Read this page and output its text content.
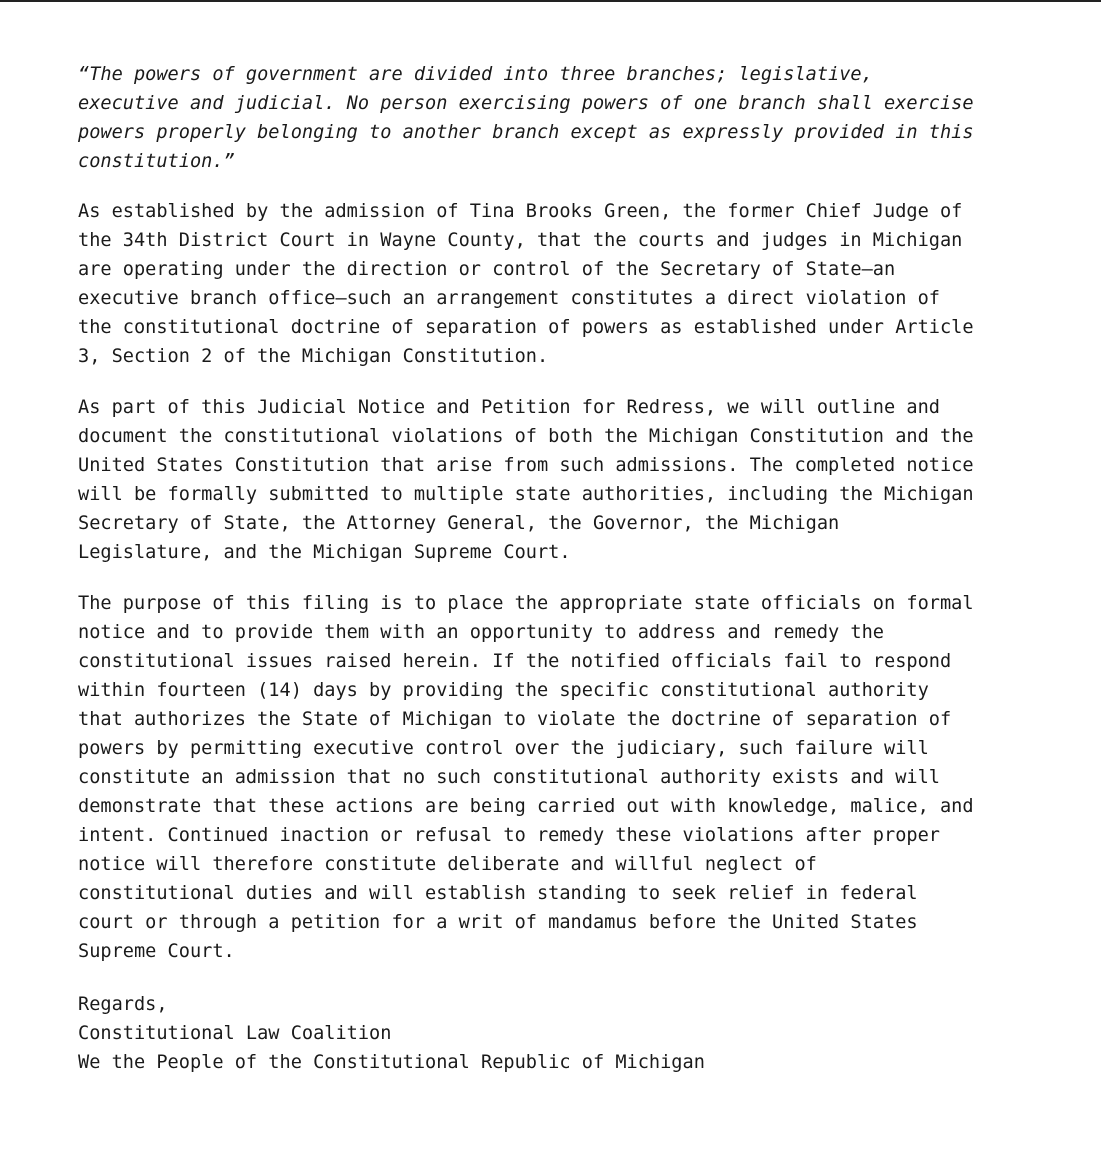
“The powers of government are divided into three branches; legislative,
executive and judicial. No person exercising powers of one branch shall exercise
powers properly belonging to another branch except as expressly provided in this
constitution.”
As established by the admission of Tina Brooks Green, the former Chief Judge of
the 34th District Court in Wayne County, that the courts and judges in Michigan
are operating under the direction or control of the Secretary of State—an
executive branch office—such an arrangement constitutes a direct violation of
the constitutional doctrine of separation of powers as established under Article
3, Section 2 of the Michigan Constitution.
As part of this Judicial Notice and Petition for Redress, we will outline and
document the constitutional violations of both the Michigan Constitution and the
United States Constitution that arise from such admissions. The completed notice
will be formally submitted to multiple state authorities, including the Michigan
Secretary of State, the Attorney General, the Governor, the Michigan
Legislature, and the Michigan Supreme Court.
The purpose of this filing is to place the appropriate state officials on formal
notice and to provide them with an opportunity to address and remedy the
constitutional issues raised herein. If the notified officials fail to respond
within fourteen (14) days by providing the specific constitutional authority
that authorizes the State of Michigan to violate the doctrine of separation of
powers by permitting executive control over the judiciary, such failure will
constitute an admission that no such constitutional authority exists and will
demonstrate that these actions are being carried out with knowledge, malice, and
intent. Continued inaction or refusal to remedy these violations after proper
notice will therefore constitute deliberate and willful neglect of
constitutional duties and will establish standing to seek relief in federal
court or through a petition for a writ of mandamus before the United States
Supreme Court.
Regards,
Constitutional Law Coalition
We the People of the Constitutional Republic of Michigan
